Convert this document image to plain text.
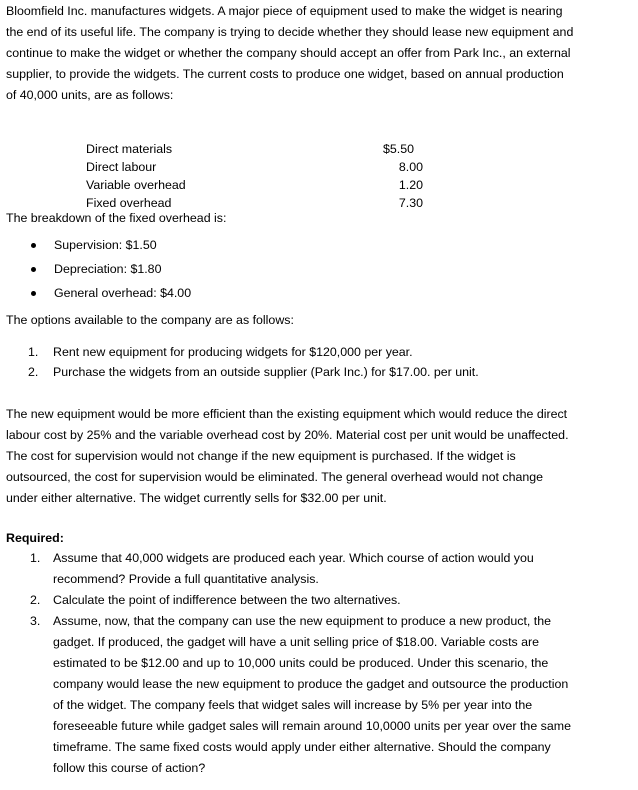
Bloomfield Inc. manufactures widgets. A major piece of equipment used to make the widget is nearing

the end of its useful life. The company is trying to decide whether they should lease new equipment and

continue to make the widget or whether the company should accept an offer from Park Inc., an external

supplier, to provide the widgets. The current costs to produce one widget, based on annual production

of 40,000 units, are as follows:

Direct materials	$5.50
Direct labour	8.00
Variable overhead	1.20
Fixed overhead	7.30
The breakdown of the fixed overhead is:
Supervision: $1.50
Depreciation: $1.80
General overhead: $4.00
The options available to the company are as follows:
1. Rent new equipment for producing widgets for $120,000 per year.
2. Purchase the widgets from an outside supplier (Park Inc.) for $17.00. per unit.

The new equipment would be more efficient than the existing equipment which would reduce the direct

labour cost by 25% and the variable overhead cost by 20%. Material cost per unit would be unaffected.

The cost for supervision would not change if the new equipment is purchased. If the widget is

outsourced, the cost for supervision would be eliminated. The general overhead would not change

under either alternative. The widget currently sells for $32.00 per unit.

Required:
1. Assume that 40,000 widgets are produced each year. Which course of action would you
recommend? Provide a full quantitative analysis.
2. Calculate the point of indifference between the two alternatives.
3. Assume, now, that the company can use the new equipment to produce a new product, the
gadget. If produced, the gadget will have a unit selling price of $18.00. Variable costs are
estimated to be $12.00 and up to 10,000 units could be produced. Under this scenario, the
company would lease the new equipment to produce the gadget and outsource the production
of the widget. The company feels that widget sales will increase by 5% per year into the
foreseeable future while gadget sales will remain around 10,0000 units per year over the same
timeframe. The same fixed costs would apply under either alternative. Should the company
follow this course of action?
